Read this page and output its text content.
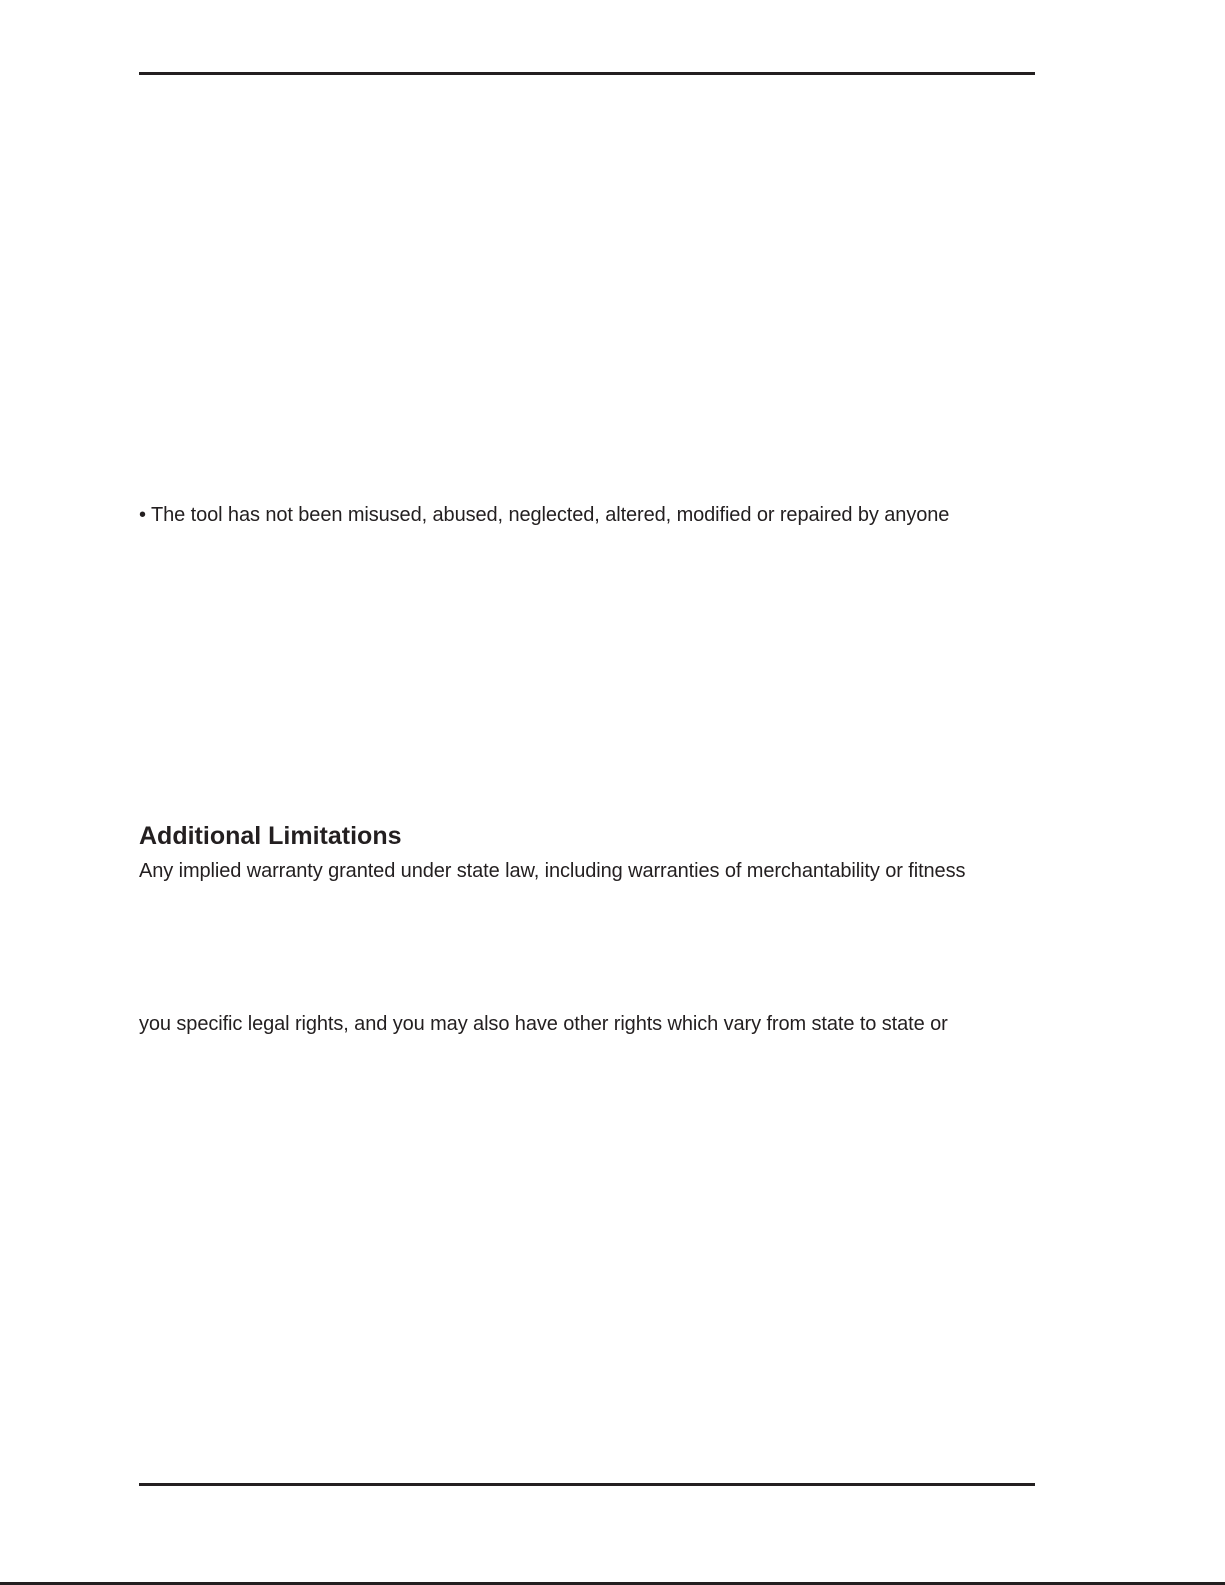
• The tool has not been misused, abused, neglected, altered, modified or repaired by anyone
Additional Limitations
Any implied warranty granted under state law, including warranties of merchantability or fitness
you specific legal rights, and you may also have other rights which vary from state to state or
